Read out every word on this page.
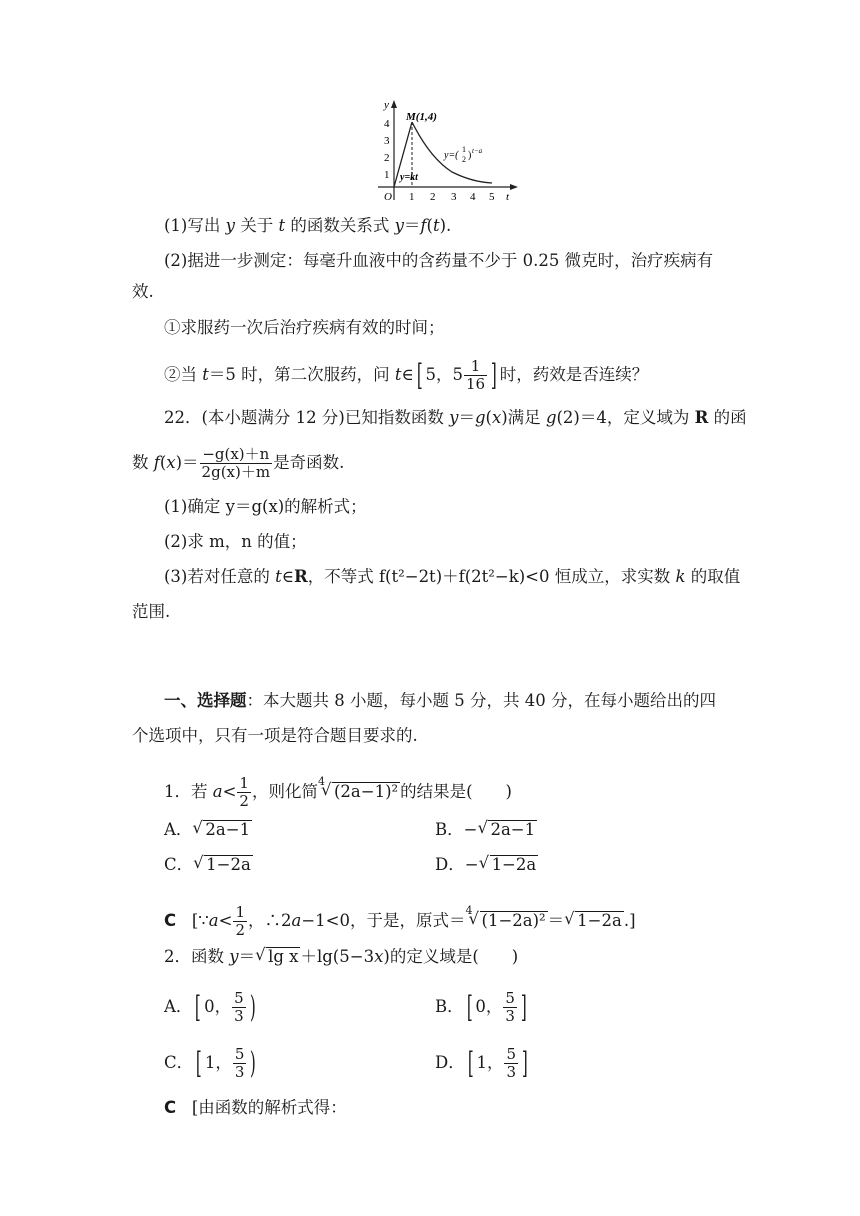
y
t
O
1
2
3
4
1 2 3 4 5
M(1,4)
y=kt
y=(
1
2 ) t−a
(1)写出 y 关于 t 的函数关系式 y＝f(t).
(2)据进一步测定：每毫升血液中的含药量不少于 0.25 微克时，治疗疾病有
效.
①求服药一次后治疗疾病有效的时间；
②当 t＝5 时，第二次服药，问 t∈[ 5，$5 \frac{1}{16}$ ] 时，药效是否连续？
22．(本小题满分 12 分)已知指数函数 y＝g(x)满足 g(2)＝4，定义域为 R 的函
数 $f(x)= \frac{-g(x)+n}{2g(x)+m}$ 是奇函数.
(1)确定 y＝g(x)的解析式；
(2)求 m，n 的值；
(3)若对任意的 t∈R，不等式 f(t²−2t)＋f(2t²−k)<0 恒成立，求实数 k 的取值
范围.
一、选择题：本大题共 8 小题，每小题 5 分，共 40 分，在每小题给出的四
个选项中，只有一项是符合题目要求的.
1．若 $a< \frac{1}{2}$ ，则化简$^4$√ (2a−1)² 的结果是(　　)
A． √ 2a−1	B．− √ 2a−1
C． √ 1−2a	D．− √ 1−2a
C [∵a< $\frac{1}{2}$ ，∴2a−1<0，于是，原式＝$^4$√ (1−2a)² ＝ √ 1−2a .]
2．函数 y＝ √ lg x ＋lg(5−3x)的定义域是(　　)
A．[ 0， $\frac{5}{3}$ )	B．[ 0， $\frac{5}{3}$ ]
C．[ 1， $\frac{5}{3}$ )	D．[ 1， $\frac{5}{3}$ ]
C [由函数的解析式得：
